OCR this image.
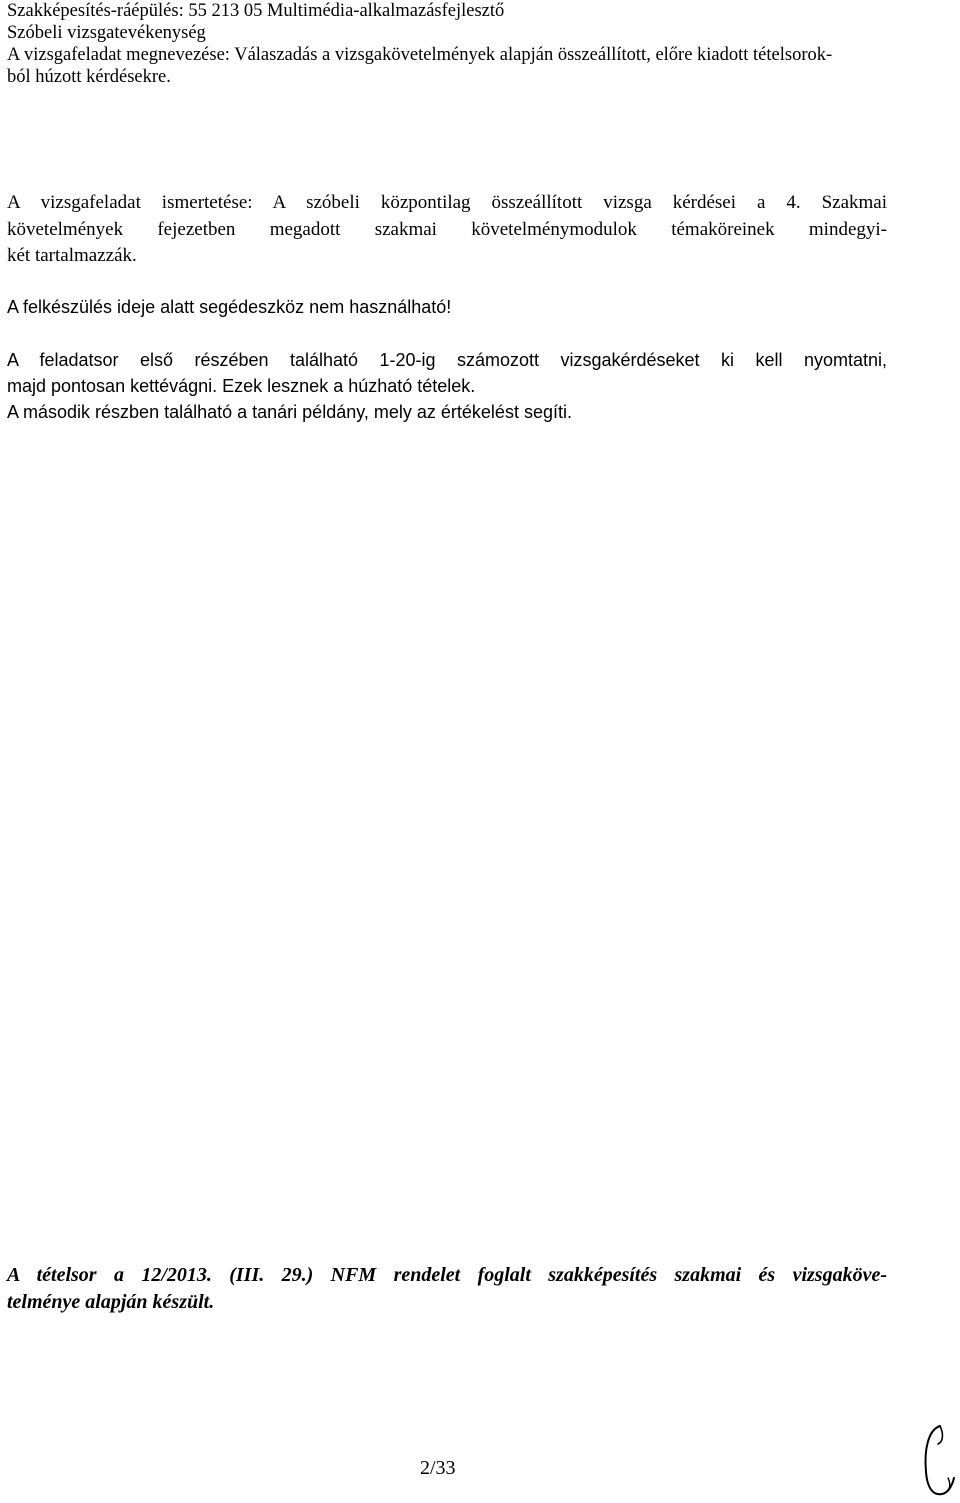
Szakképesítés-ráépülés: 55 213 05 Multimédia-alkalmazásfejlesztő
Szóbeli vizsgatevékenység
A vizsgafeladat megnevezése: Válaszadás a vizsgakövetelmények alapján összeállított, előre kiadott tételsorok-
ból húzott kérdésekre.
A vizsgafeladat ismertetése: A szóbeli központilag összeállított vizsga kérdései a 4. Szakmai
követelmények fejezetben megadott szakmai követelménymodulok témaköreinek mindegyi-
két tartalmazzák.
A felkészülés ideje alatt segédeszköz nem használható!
A feladatsor első részében található 1-20-ig számozott vizsgakérdéseket ki kell nyomtatni,
majd pontosan kettévágni. Ezek lesznek a húzható tételek.
A második részben található a tanári példány, mely az értékelést segíti.
A tételsor a 12/2013. (III. 29.) NFM rendelet foglalt szakképesítés szakmai és vizsgaköve-
telménye alapján készült.
2/33
